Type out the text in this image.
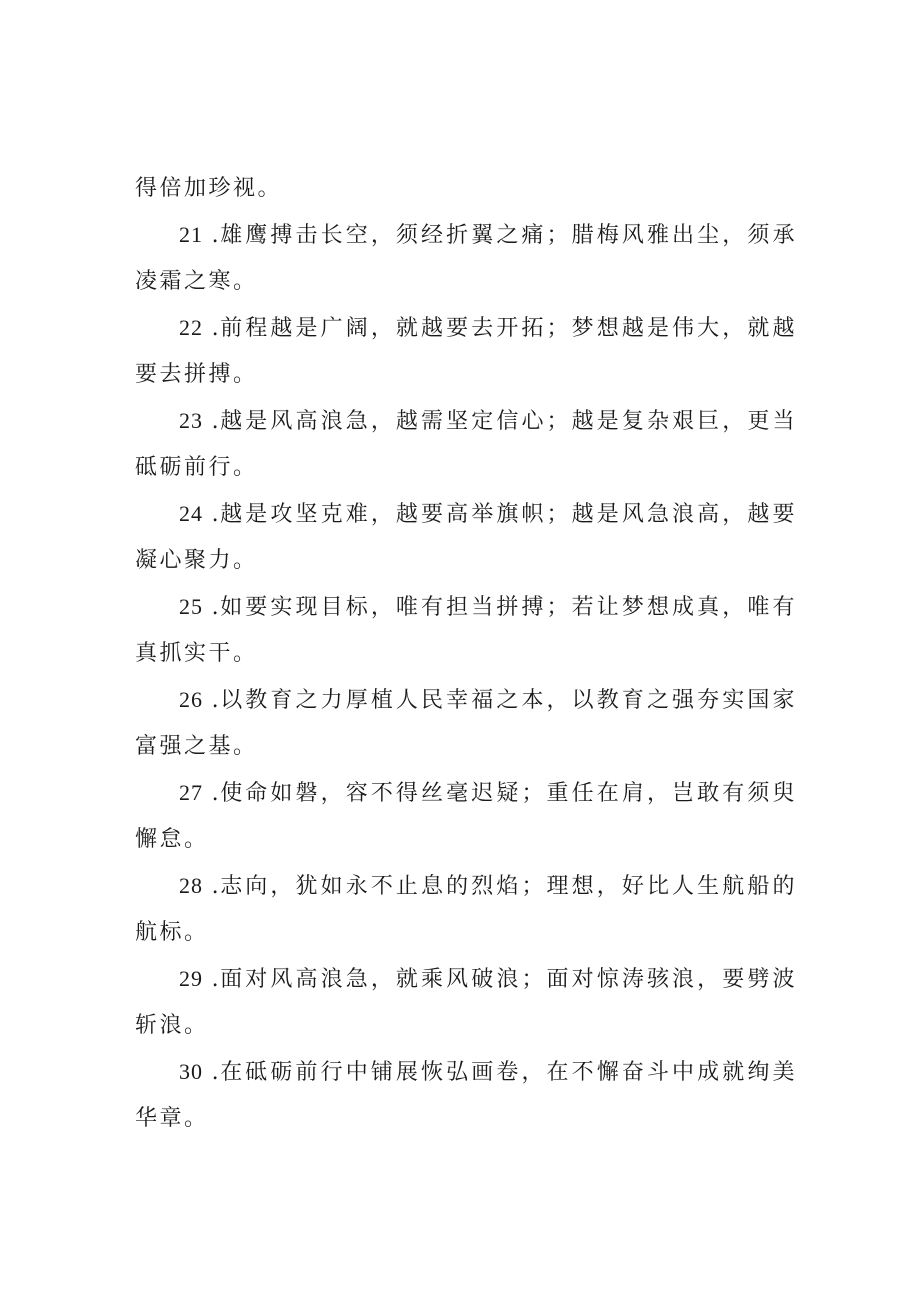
得倍加珍视。

21 .雄鹰搏击长空，须经折翼之痛；腊梅风雅出尘，须承凌霜之寒。

22 .前程越是广阔，就越要去开拓；梦想越是伟大，就越要去拼搏。

23 .越是风高浪急，越需坚定信心；越是复杂艰巨，更当砥砺前行。

24 .越是攻坚克难，越要高举旗帜；越是风急浪高，越要凝心聚力。

25 .如要实现目标，唯有担当拼搏；若让梦想成真，唯有真抓实干。

26 .以教育之力厚植人民幸福之本，以教育之强夯实国家富强之基。

27 .使命如磐，容不得丝毫迟疑；重任在肩，岂敢有须臾懈怠。

28 .志向，犹如永不止息的烈焰；理想，好比人生航船的航标。

29 .面对风高浪急，就乘风破浪；面对惊涛骇浪，要劈波斩浪。

30 .在砥砺前行中铺展恢弘画卷，在不懈奋斗中成就绚美华章。
